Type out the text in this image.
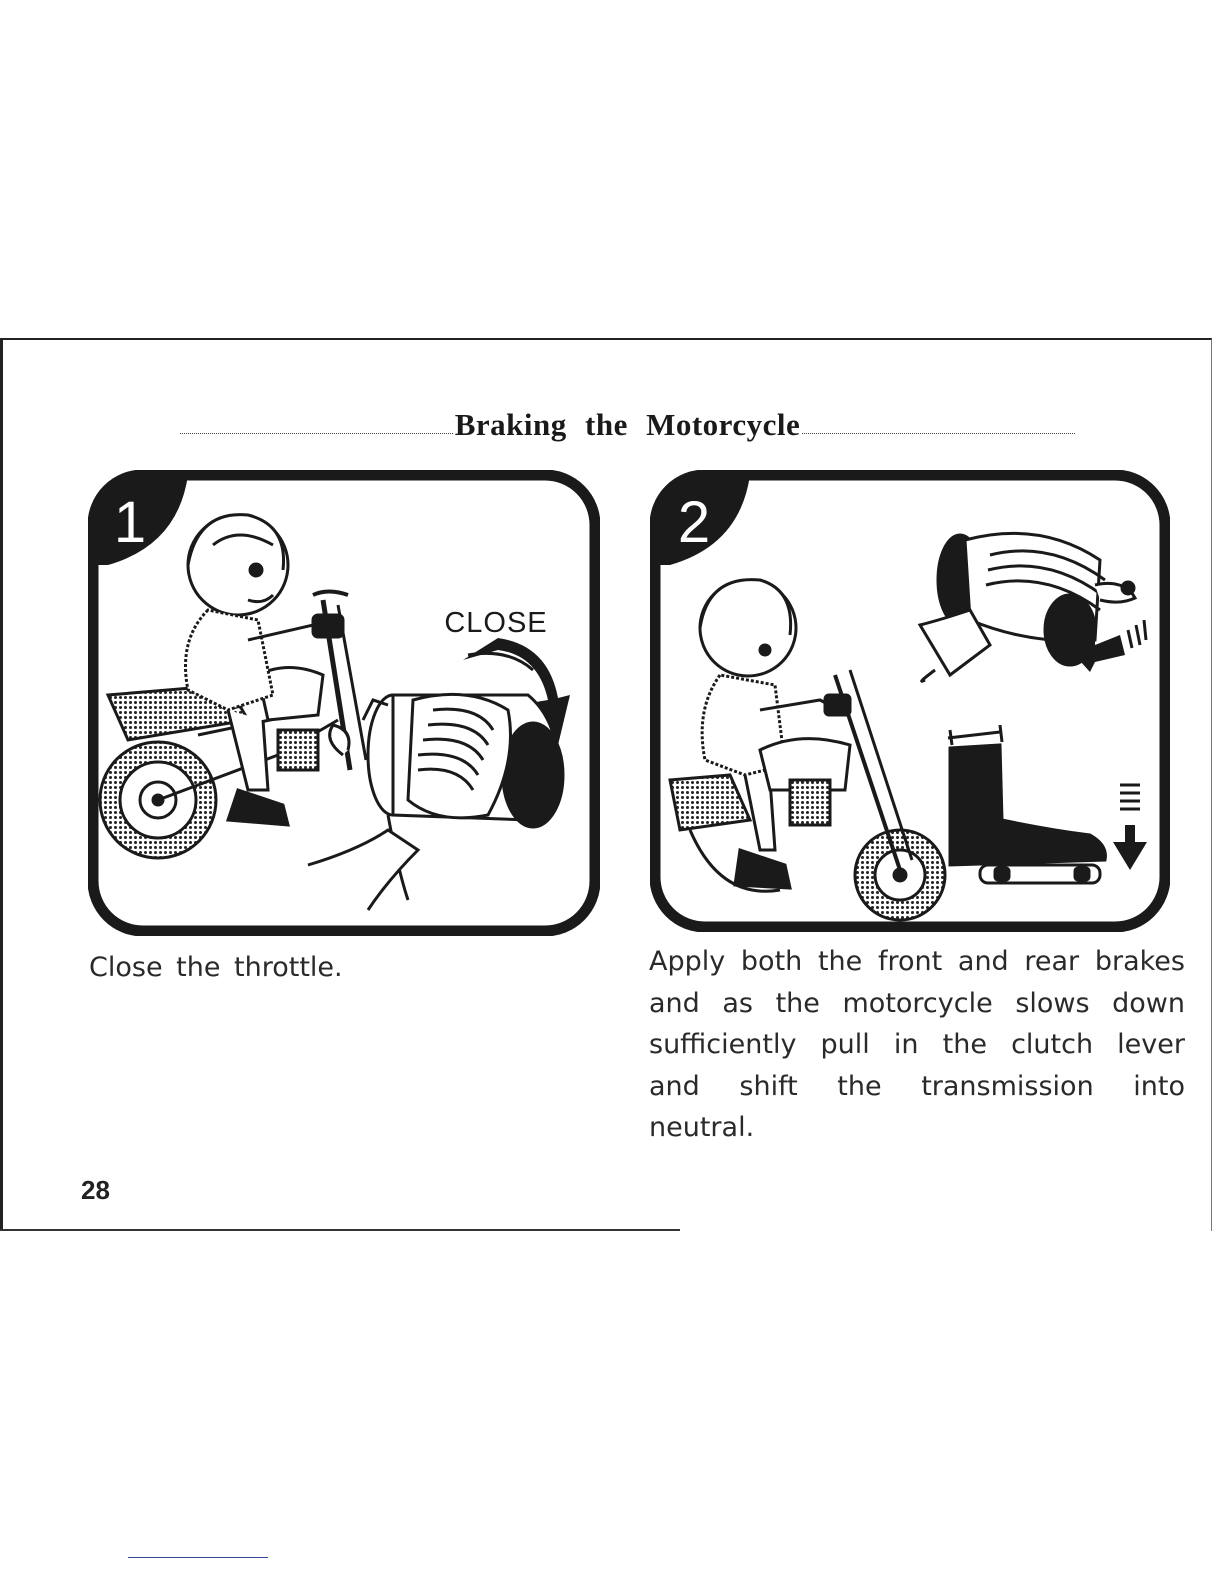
Braking the Motorcycle
1
CLOSE
2

Close the throttle.	Apply both the front and rear brakes and as the motorcycle slows down sufficiently pull in the clutch lever and shift the transmission into neutral.

28
